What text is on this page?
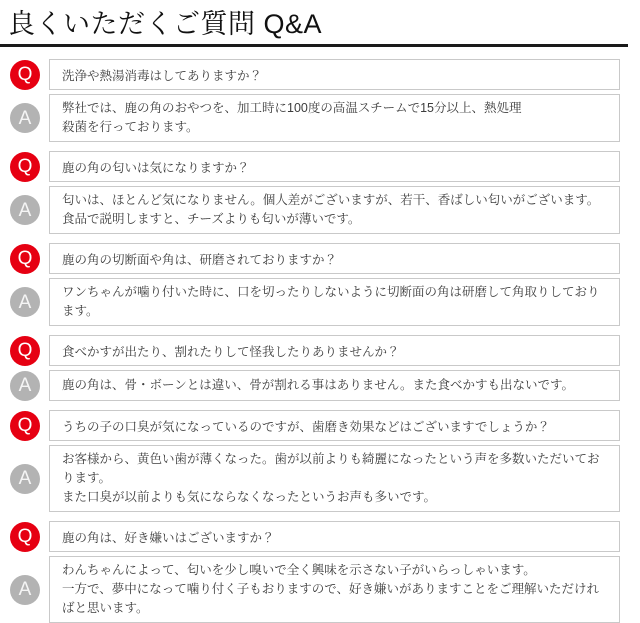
良くいただくご質問 Q&A
Q	洗浄や熱湯消毒はしてありますか？
A	弊社では、鹿の角のおやつを、加工時に100度の高温スチームで15分以上、熱処理
殺菌を行っております。
Q	鹿の角の匂いは気になりますか？
A	匂いは、ほとんど気になりません。個人差がございますが、若干、香ばしい匂いがございます。
食品で説明しますと、チーズよりも匂いが薄いです。
Q	鹿の角の切断面や角は、研磨されておりますか？
A	ワンちゃんが噛り付いた時に、口を切ったりしないように切断面の角は研磨して角取りしております。
Q	食べかすが出たり、割れたりして怪我したりありませんか？
A	鹿の角は、骨・ボーンとは違い、骨が割れる事はありません。また食べかすも出ないです。
Q	うちの子の口臭が気になっているのですが、歯磨き効果などはございますでしょうか？
A
お客様から、黄色い歯が薄くなった。歯が以前よりも綺麗になったという声を多数いただいております。
また口臭が以前よりも気にならなくなったというお声も多いです。
Q	鹿の角は、好き嫌いはございますか？
A
わんちゃんによって、匂いを少し嗅いで全く興味を示さない子がいらっしゃいます。
一方で、夢中になって噛り付く子もおりますので、好き嫌いがありますことをご理解いただければと思います。
